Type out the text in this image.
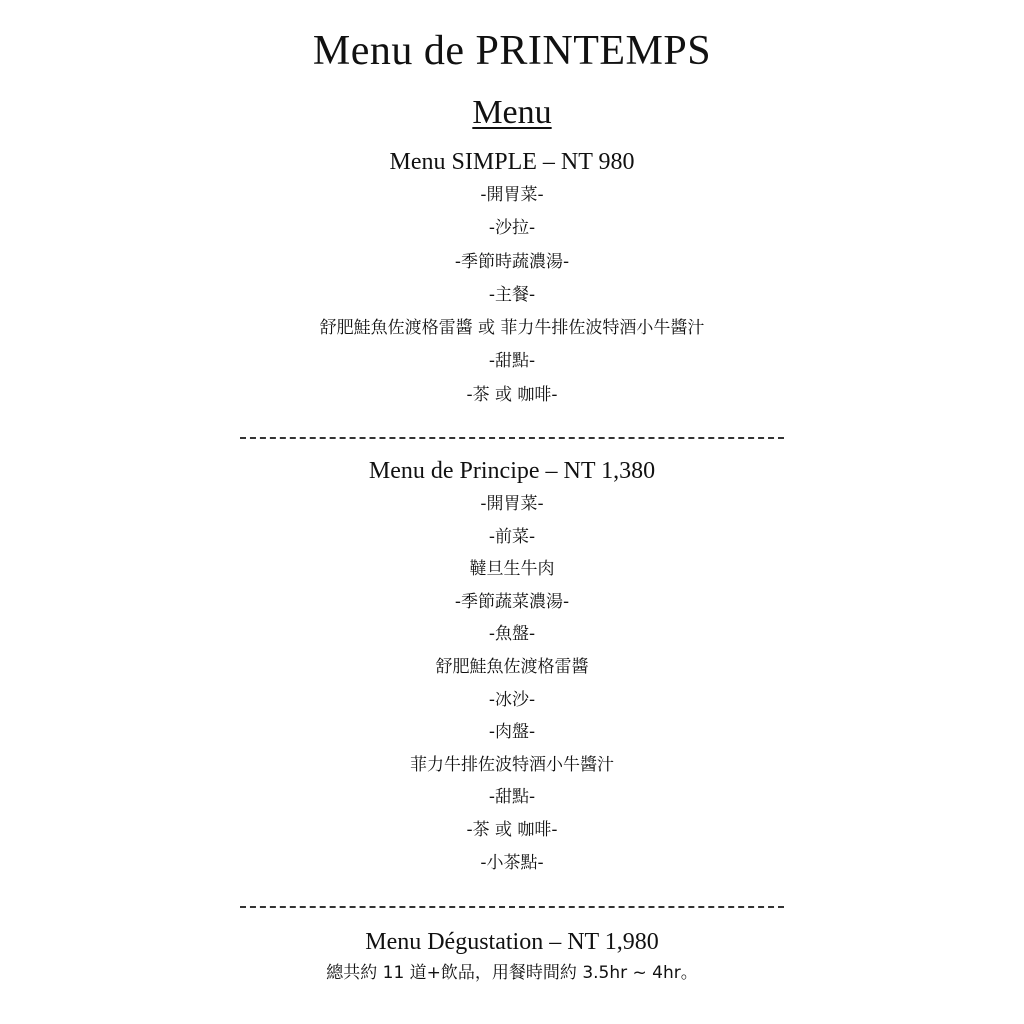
Menu de PRINTEMPS
Menu
Menu SIMPLE – NT 980
-開胃菜-
-沙拉-
-季節時蔬濃湯-
-主餐-
舒肥鮭魚佐渡格雷醬 或 菲力牛排佐波特酒小牛醬汁
-甜點-
-茶 或 咖啡-
Menu de Principe – NT 1,380
-開胃菜-
-前菜-
韃旦生牛肉
-季節蔬菜濃湯-
-魚盤-
舒肥鮭魚佐渡格雷醬
-冰沙-
-肉盤-
菲力牛排佐波特酒小牛醬汁
-甜點-
-茶 或 咖啡-
-小茶點-
Menu Dégustation – NT 1,980
總共約 11 道+飲品，用餐時間約 3.5hr ~ 4hr。
